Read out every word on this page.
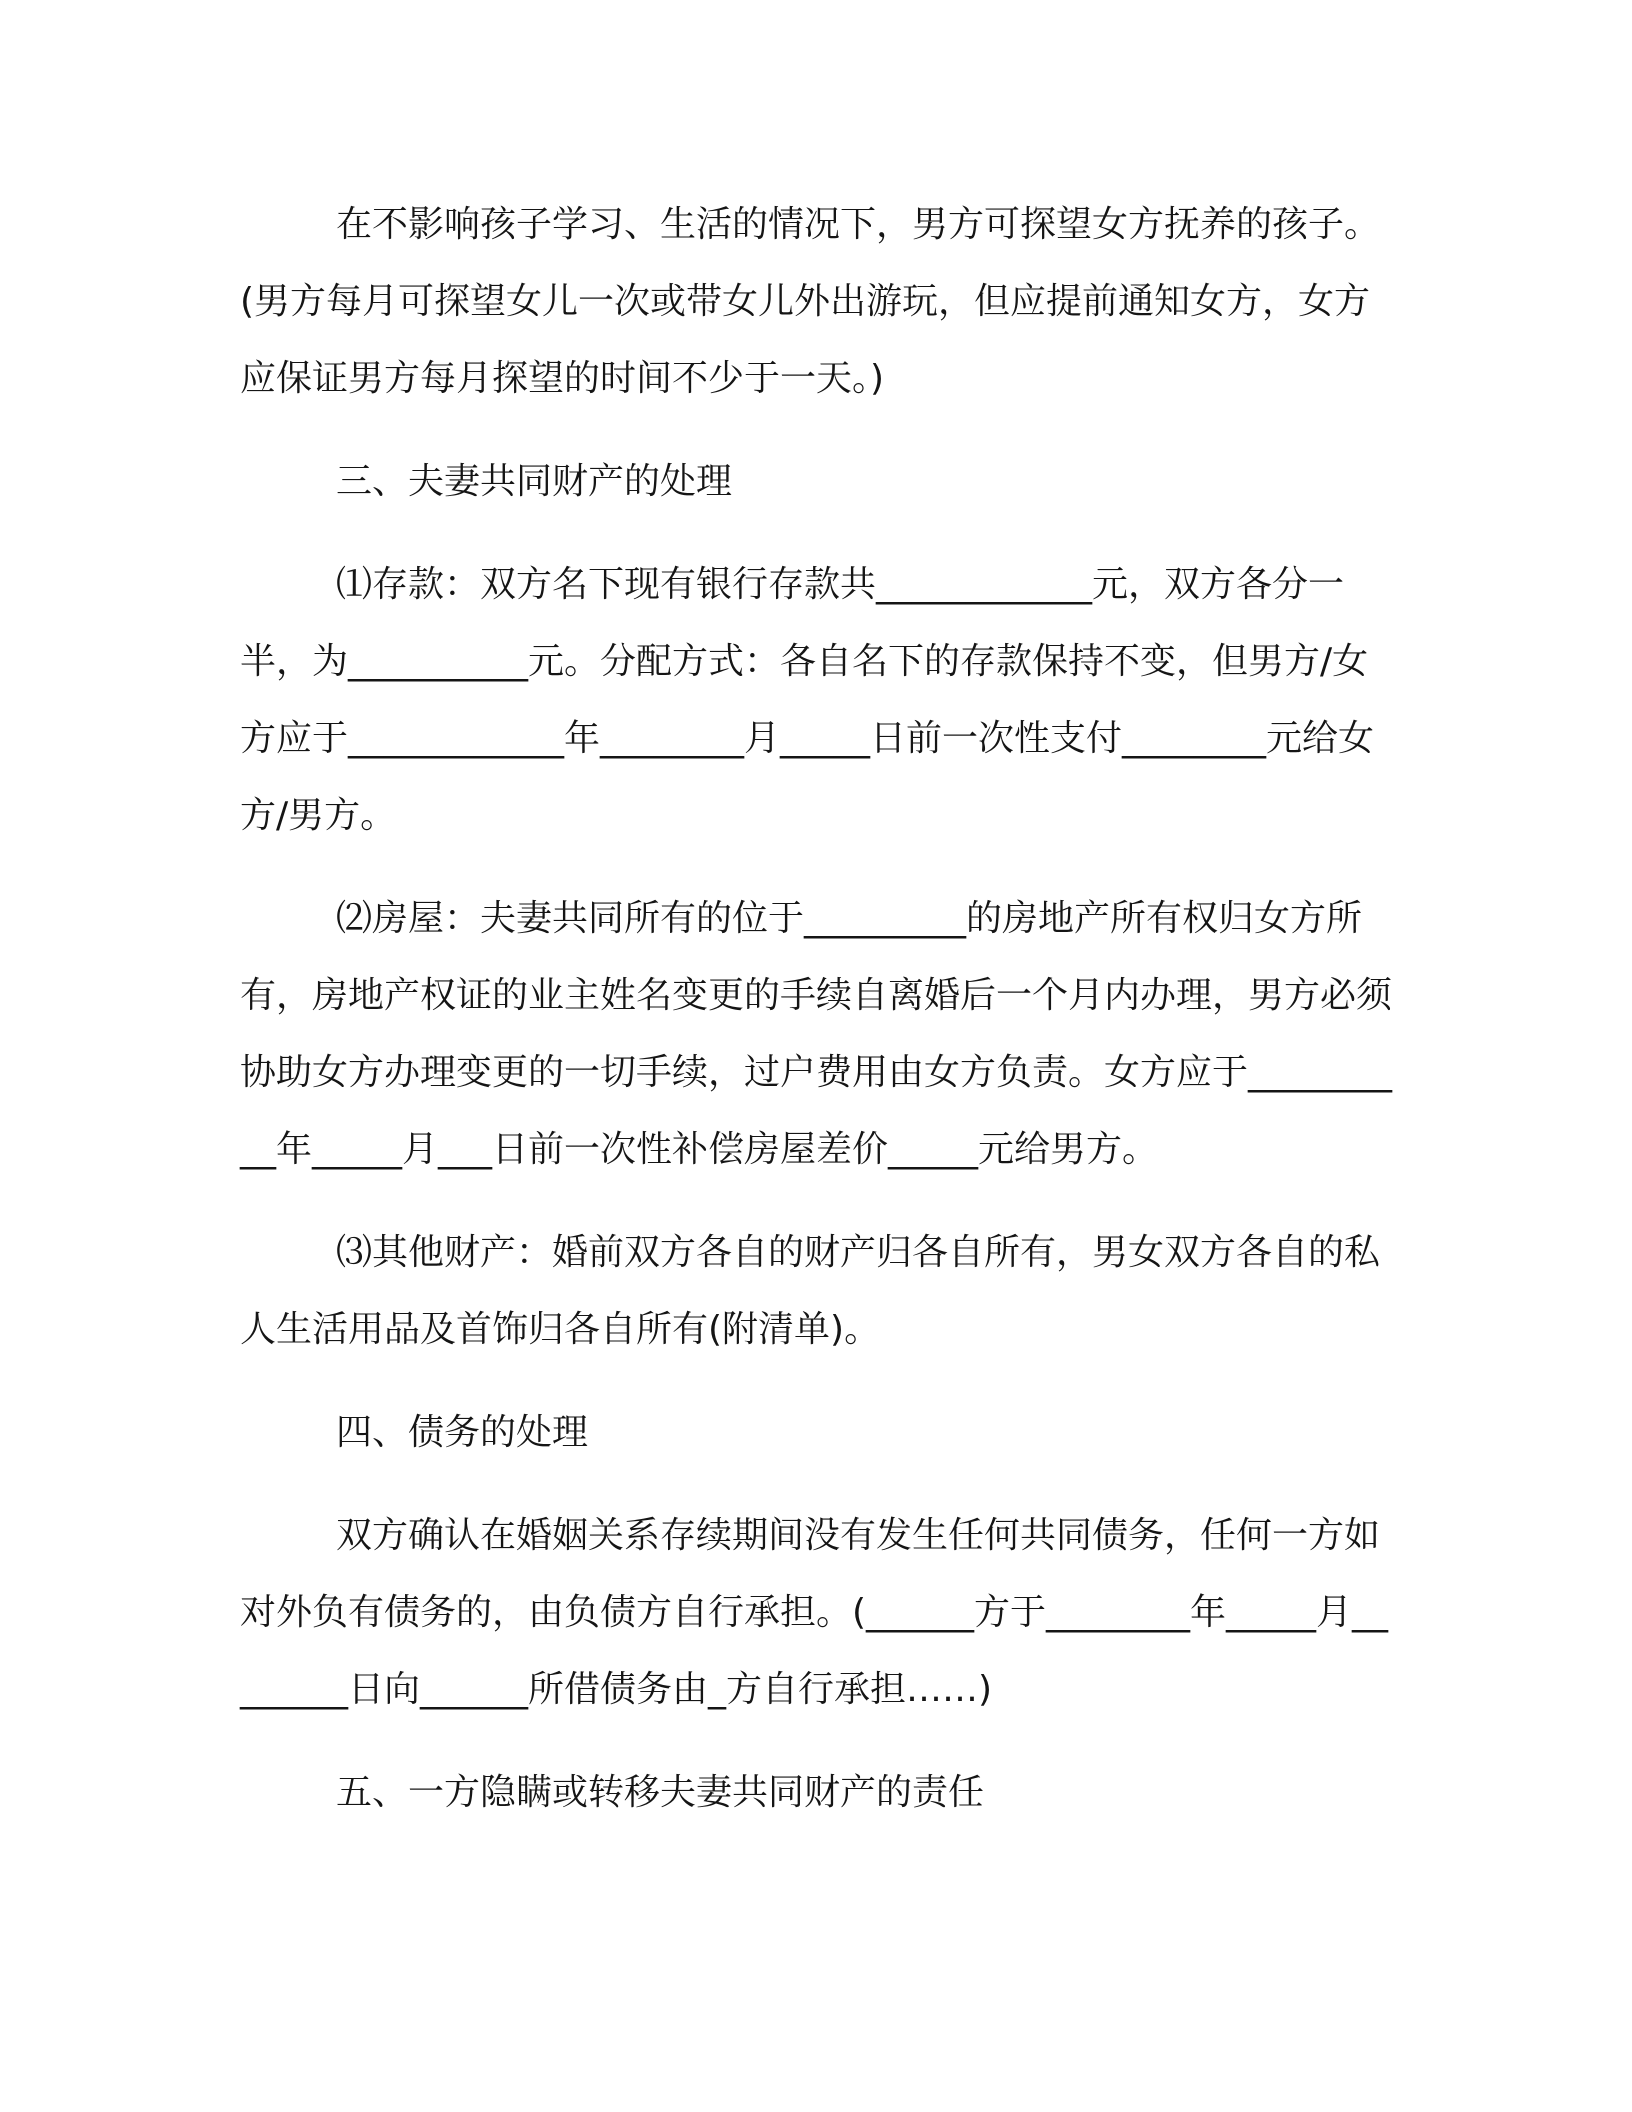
在不影响孩子学习、生活的情况下，男方可探望女方抚养的孩子。(男方每月可探望女儿一次或带女儿外出游玩，但应提前通知女方，女方应保证男方每月探望的时间不少于一天。)

三、夫妻共同财产的处理

⑴存款：双方名下现有银行存款共____________元，双方各分一半，为__________元。分配方式：各自名下的存款保持不变，但男方/女方应于____________年________月_____日前一次性支付________元给女方/男方。

⑵房屋：夫妻共同所有的位于_________的房地产所有权归女方所有，房地产权证的业主姓名变更的手续自离婚后一个月内办理，男方必须协助女方办理变更的一切手续，过户费用由女方负责。女方应于__________年_____月___日前一次性补偿房屋差价_____元给男方。

⑶其他财产：婚前双方各自的财产归各自所有，男女双方各自的私人生活用品及首饰归各自所有(附清单)。

四、债务的处理

双方确认在婚姻关系存续期间没有发生任何共同债务，任何一方如对外负有债务的，由负债方自行承担。(______方于________年_____月________日向______所借债务由_方自行承担……)

五、一方隐瞒或转移夫妻共同财产的责任
